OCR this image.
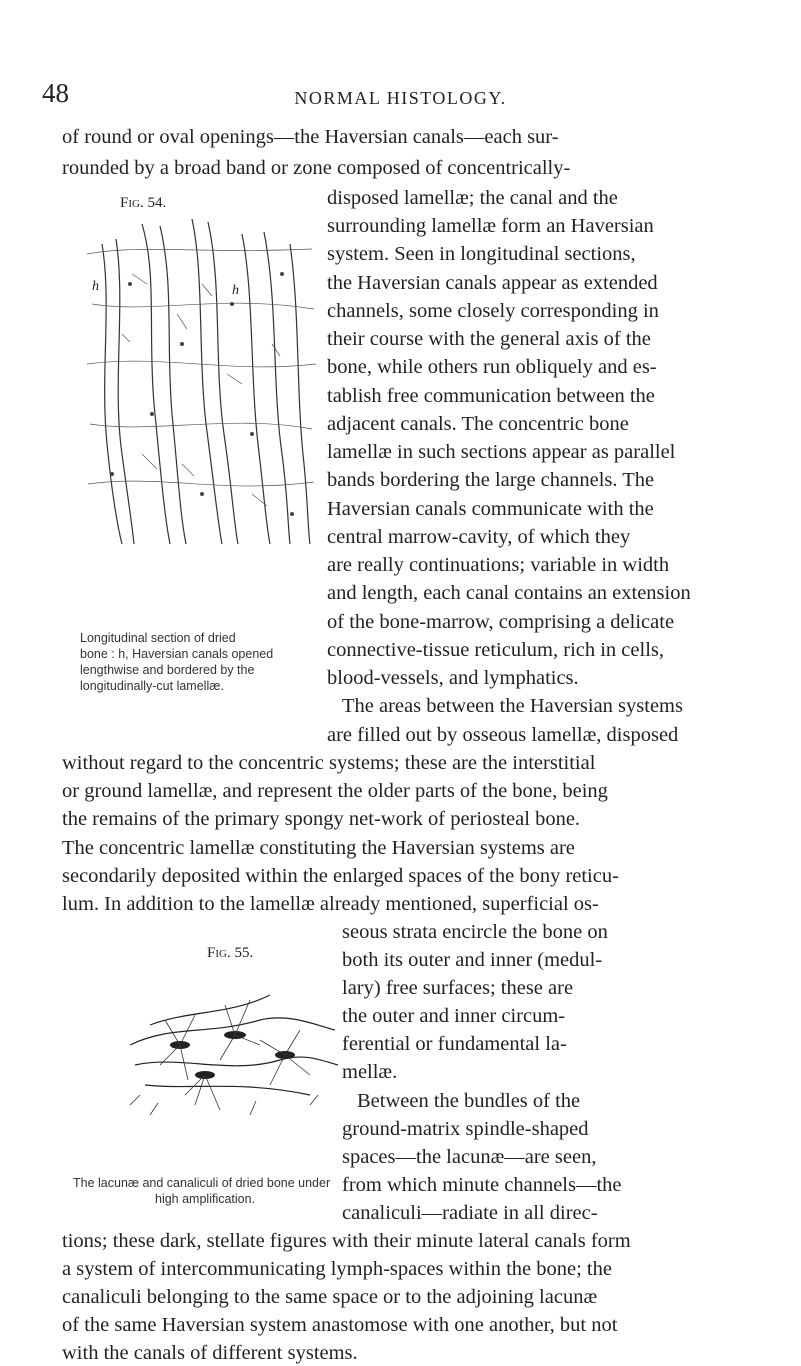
48	NORMAL HISTOLOGY.
of round or oval openings—the Haversian canals—each sur-
rounded by a broad band or zone composed of concentrically-
disposed lamellæ; the canal and the
surrounding lamellæ form an Haversian
system. Seen in longitudinal sections,
the Haversian canals appear as extended
channels, some closely corresponding in
their course with the general axis of the
bone, while others run obliquely and es-
tablish free communication between the
adjacent canals. The concentric bone
lamellæ in such sections appear as parallel
bands bordering the large channels. The
Haversian canals communicate with the
central marrow-cavity, of which they
are really continuations; variable in width
and length, each canal contains an extension
of the bone-marrow, comprising a delicate
connective-tissue reticulum, rich in cells,
blood-vessels, and lymphatics.
The areas between the Haversian systems
are filled out by osseous lamellæ, disposed
without regard to the concentric systems; these are the interstitial
or ground lamellæ, and represent the older parts of the bone, being
the remains of the primary spongy net-work of periosteal bone.
The concentric lamellæ constituting the Haversian systems are
secondarily deposited within the enlarged spaces of the bony reticu-
lum. In addition to the lamellæ already mentioned, superficial os-
seous strata encircle the bone on
both its outer and inner (medul-
lary) free surfaces; these are
the outer and inner circum-
ferential or fundamental la-
mellæ.
Between the bundles of the
ground-matrix spindle-shaped
spaces—the lacunæ—are seen,
from which minute channels—the
canaliculi—radiate in all direc-
tions; these dark, stellate figures with their minute lateral canals form
a system of intercommunicating lymph-spaces within the bone; the
canaliculi belonging to the same space or to the adjoining lacunæ
of the same Haversian system anastomose with one another, but not
with the canals of different systems.
Fig. 54.
h	h
Longitudinal section of dried
bone : h, Haversian canals opened
lengthwise and bordered by the
longitudinally-cut lamellæ.
Fig. 55.
The lacunæ and canaliculi of dried bone under
high amplification.
